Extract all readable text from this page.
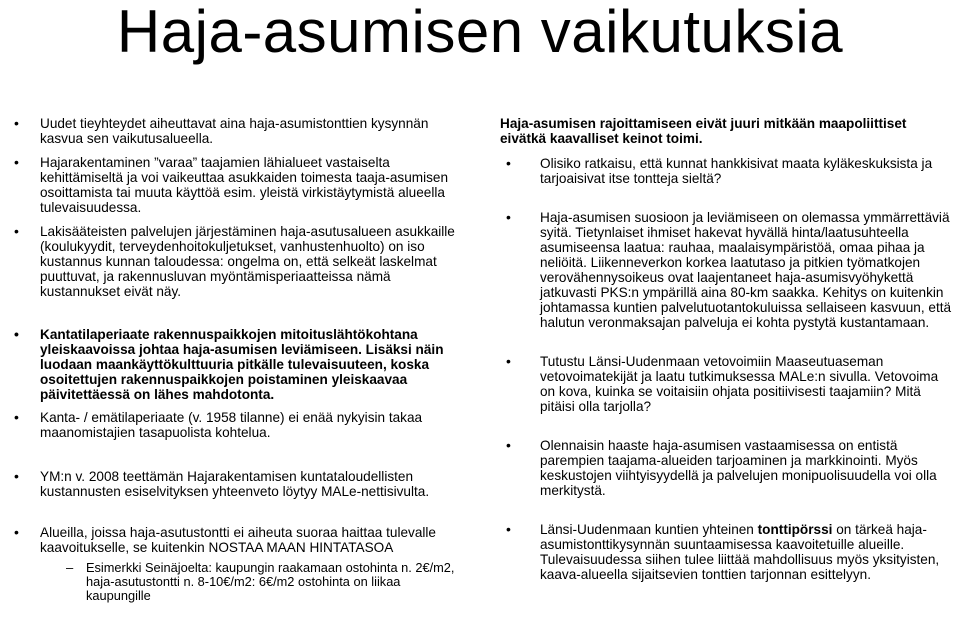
Haja-asumisen vaikutuksia
• Uudet tieyhteydet aiheuttavat aina haja-asumistonttien kysynnän kasvua sen vaikutusalueella.
• Hajarakentaminen ”varaa” taajamien lähialueet vastaiselta kehittämiseltä ja voi vaikeuttaa asukkaiden toimesta taaja-asumisen osoittamista tai muuta käyttöä esim. yleistä virkistäytymistä alueella tulevaisuudessa.
• Lakisääteisten palvelujen järjestäminen haja-asutusalueen asukkaille (koulukyydit, terveydenhoitokuljetukset, vanhustenhuolto) on iso kustannus kunnan taloudessa: ongelma on, että selkeät laskelmat puuttuvat, ja rakennusluvan myöntämisperiaatteissa nämä kustannukset eivät näy.
• Kantatilaperiaate rakennuspaikkojen mitoituslähtökohtana yleiskaavoissa johtaa haja-asumisen leviämiseen. Lisäksi näin luodaan maankäyttökulttuuria pitkälle tulevaisuuteen, koska osoitettujen rakennuspaikkojen poistaminen yleiskaavaa päivitettäessä on lähes mahdotonta.
• Kanta- / emätilaperiaate (v. 1958 tilanne) ei enää nykyisin takaa maanomistajien tasapuolista kohtelua.
• YM:n v. 2008 teettämän Hajarakentamisen kuntataloudellisten kustannusten esiselvityksen yhteenveto löytyy MALe-nettisivulta.
• Alueilla, joissa haja-asutustontti ei aiheuta suoraa haittaa tulevalle kaavoitukselle, se kuitenkin NOSTAA MAAN HINTATASOA
– Esimerkki Seinäjoelta: kaupungin raakamaan ostohinta n. 2€/m2, haja-asutustontti n. 8-10€/m2: 6€/m2 ostohinta on liikaa kaupungille
Haja-asumisen rajoittamiseen eivät juuri mitkään maapoliittiset eivätkä kaavalliset keinot toimi.
• Olisiko ratkaisu, että kunnat hankkisivat maata kyläkeskuksista ja tarjoaisivat itse tontteja sieltä?
• Haja-asumisen suosioon ja leviämiseen on olemassa ymmärrettäviä syitä. Tietynlaiset ihmiset hakevat hyvällä hinta/laatusuhteella asumiseensa laatua: rauhaa, maalaisympäristöä, omaa pihaa ja neliöitä. Liikenneverkon korkea laatutaso ja pitkien työmatkojen verovähennysoikeus ovat laajentaneet haja-asumisvyöhykettä jatkuvasti PKS:n ympärillä aina 80-km saakka. Kehitys on kuitenkin johtamassa kuntien palvelutuotantokuluissa sellaiseen kasvuun, että halutun veronmaksajan palveluja ei kohta pystytä kustantamaan.
• Tutustu Länsi-Uudenmaan vetovoimiin Maaseutuaseman vetovoimatekijät ja laatu tutkimuksessa MALe:n sivulla. Vetovoima on kova, kuinka se voitaisiin ohjata positiivisesti taajamiin? Mitä pitäisi olla tarjolla?
• Olennaisin haaste haja-asumisen vastaamisessa on entistä parempien taajama-alueiden tarjoaminen ja markkinointi. Myös keskustojen viihtyisyydellä ja palvelujen monipuolisuudella voi olla merkitystä.
• Länsi-Uudenmaan kuntien yhteinen tonttipörssi on tärkeä haja-asumistonttikysynnän suuntaamisessa kaavoitetuille alueille. Tulevaisuudessa siihen tulee liittää mahdollisuus myös yksityisten, kaava-alueella sijaitsevien tonttien tarjonnan esittelyyn.
